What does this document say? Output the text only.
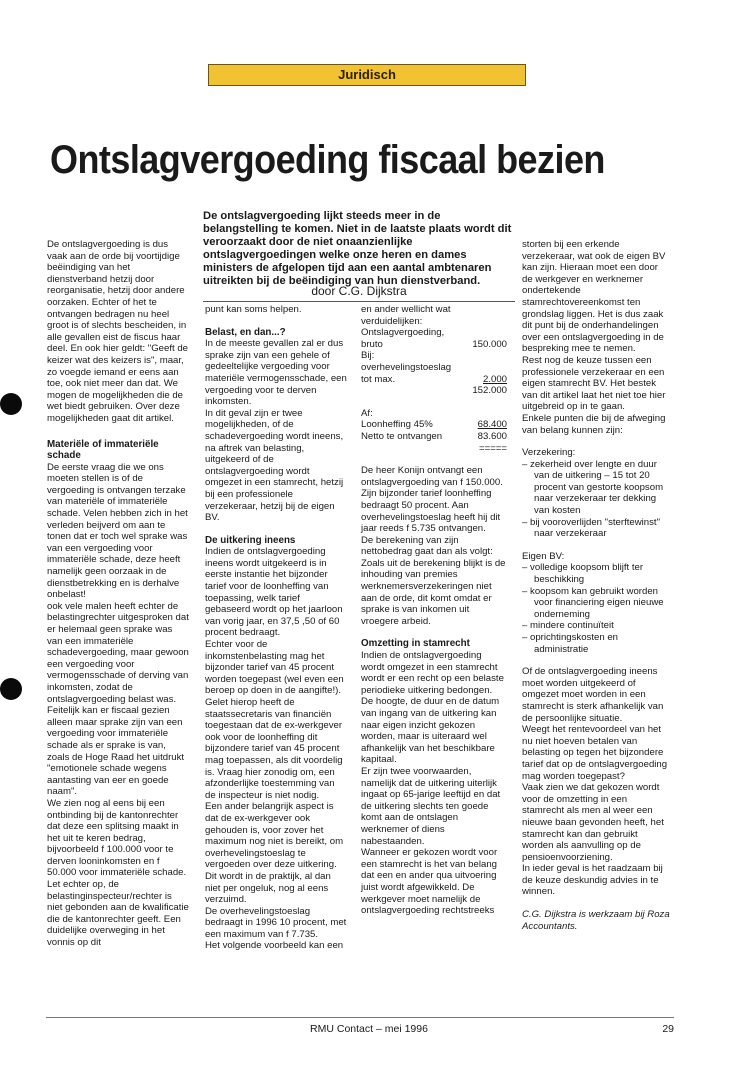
Juridisch
Ontslagvergoeding fiscaal bezien

De ontslagvergoeding lijkt steeds meer in de belangstelling te komen. Niet in de laatste plaats wordt dit veroorzaakt door de niet onaanzienlijke ontslagvergoedingen welke onze heren en dames ministers de afgelopen tijd aan een aantal ambtenaren uitreikten bij de beëindiging van hun dienstverband.

door C.G. Dijkstra

De ontslagvergoeding is dus vaak aan de orde bij voortijdige beëindiging van het dienstverband hetzij door reorganisatie, hetzij door andere oorzaken. Echter of het te ontvangen bedragen nu heel groot is of slechts bescheiden, in alle gevallen eist de fiscus haar deel. En ook hier geldt: "Geeft de keizer wat des keizers is", maar, zo voegde iemand er eens aan toe, ook niet meer dan dat. We mogen de mogelijkheden die de wet biedt gebruiken. Over deze mogelijkheden gaat dit artikel.

Materiële of immateriële schade

De eerste vraag die we ons moeten stellen is of de vergoeding is ontvangen terzake van materiële of immateriële schade. Velen hebben zich in het verleden beijverd om aan te tonen dat er toch wel sprake was van een vergoeding voor immateriële schade, deze heeft namelijk geen oorzaak in de dienstbetrekking en is derhalve onbelast!

ook vele malen heeft echter de belastingrechter uitgesproken dat er helemaal geen sprake was van een immateriële schadevergoeding, maar gewoon een vergoeding voor vermogensschade of derving van inkomsten, zodat de ontslagvergoeding belast was. Feitelijk kan er fiscaal gezien alleen maar sprake zijn van een vergoeding voor immateriële schade als er sprake is van, zoals de Hoge Raad het uitdrukt "emotionele schade wegens aantasting van eer en goede naam".

We zien nog al eens bij een ontbinding bij de kantonrechter dat deze een splitsing maakt in het uit te keren bedrag, bijvoorbeeld f 100.000 voor te derven looninkomsten en f 50.000 voor immateriële schade. Let echter op, de belastinginspecteur/rechter is niet gebonden aan de kwalificatie die de kantonrechter geeft. Een duidelijke overweging in het vonnis op dit

punt kan soms helpen.

Belast, en dan...?

In de meeste gevallen zal er dus sprake zijn van een gehele of gedeeltelijke vergoeding voor materiële vermogensschade, een vergoeding voor te derven inkomsten.

In dit geval zijn er twee mogelijkheden, of de schadevergoeding wordt ineens, na aftrek van belasting, uitgekeerd of de ontslagvergoeding wordt omgezet in een stamrecht, hetzij bij een professionele verzekeraar, hetzij bij de eigen BV.

De uitkering ineens

Indien de ontslagvergoeding ineens wordt uitgekeerd is in eerste instantie het bijzonder tarief voor de loonheffing van toepassing, welk tarief gebaseerd wordt op het jaarloon van vorig jaar, en 37,5 ,50 of 60 procent bedraagt.

Echter voor de inkomstenbelasting mag het bijzonder tarief van 45 procent worden toegepast (wel even een beroep op doen in de aangifte!). Gelet hierop heeft de staatssecretaris van financiën toegestaan dat de ex-werkgever ook voor de loonheffing dit bijzondere tarief van 45 procent mag toepassen, als dit voordelig is. Vraag hier zonodig om, een afzonderlijke toestemming van de inspecteur is niet nodig.

Een ander belangrijk aspect is dat de ex-werkgever ook gehouden is, voor zover het maximum nog niet is bereikt, om overhevelingstoeslag te vergoeden over deze uitkering. Dit wordt in de praktijk, al dan niet per ongeluk, nog al eens verzuimd.

De overhevelingstoeslag bedraagt in 1996 10 procent, met een maximum van f 7.735.

Het volgende voorbeeld kan een

en ander wellicht wat verduidelijken:

Ontslagvergoeding, bruto	150.000
Bij: overhevelingstoeslag tot max.	2.000
152.000
Af:
Loonheffing 45%	68.400
Netto te ontvangen	83.600
=====

De heer Konijn ontvangt een ontslagvergoeding van f 150.000. Zijn bijzonder tarief loonheffing bedraagt 50 procent. Aan overhevelingstoeslag heeft hij dit jaar reeds f 5.735 ontvangen.

De berekening van zijn nettobedrag gaat dan als volgt: Zoals uit de berekening blijkt is de inhouding van premies werknemersverzekeringen niet aan de orde, dit komt omdat er sprake is van inkomen uit vroegere arbeid.

Omzetting in stamrecht

Indien de ontslagvergoeding wordt omgezet in een stamrecht wordt er een recht op een belaste periodieke uitkering bedongen.

De hoogte, de duur en de datum van ingang van de uitkering kan naar eigen inzicht gekozen worden, maar is uiteraard wel afhankelijk van het beschikbare kapitaal.

Er zijn twee voorwaarden, namelijk dat de uitkering uiterlijk ingaat op 65-jarige leeftijd en dat de uitkering slechts ten goede komt aan de ontslagen werknemer of diens nabestaanden.

Wanneer er gekozen wordt voor een stamrecht is het van belang dat een en ander qua uitvoering juist wordt afgewikkeld. De werkgever moet namelijk de ontslagvergoeding rechtstreeks

storten bij een erkende verzekeraar, wat ook de eigen BV kan zijn. Hieraan moet een door de werkgever en werknemer ondertekende stamrechtovereenkomst ten grondslag liggen. Het is dus zaak dit punt bij de onderhandelingen over een ontslagvergoeding in de bespreking mee te nemen.

Rest nog de keuze tussen een professionele verzekeraar en een eigen stamrecht BV. Het bestek van dit artikel laat het niet toe hier uitgebreid op in te gaan.

Enkele punten die bij de afweging van belang kunnen zijn:

Verzekering:

– zekerheid over lengte en duur van de uitkering – 15 tot 20 procent van gestorte koopsom naar verzekeraar ter dekking van kosten
– bij vooroverlijden "sterftewinst" naar verzekeraar

Eigen BV:

– volledige koopsom blijft ter beschikking
– koopsom kan gebruikt worden voor financiering eigen nieuwe onderneming
– mindere continuïteit
– oprichtingskosten en administratie

Of de ontslagvergoeding ineens moet worden uitgekeerd of omgezet moet worden in een stamrecht is sterk afhankelijk van de persoonlijke situatie.

Weegt het rentevoordeel van het nu niet hoeven betalen van belasting op tegen het bijzondere tarief dat op de ontslagvergoeding mag worden toegepast?

Vaak zien we dat gekozen wordt voor de omzetting in een stamrecht als men al weer een nieuwe baan gevonden heeft, het stamrecht kan dan gebruikt worden als aanvulling op de pensioenvoorziening.

In ieder geval is het raadzaam bij de keuze deskundig advies in te winnen.

C.G. Dijkstra is werkzaam bij Roza Accountants.

RMU Contact – mei 1996	29
